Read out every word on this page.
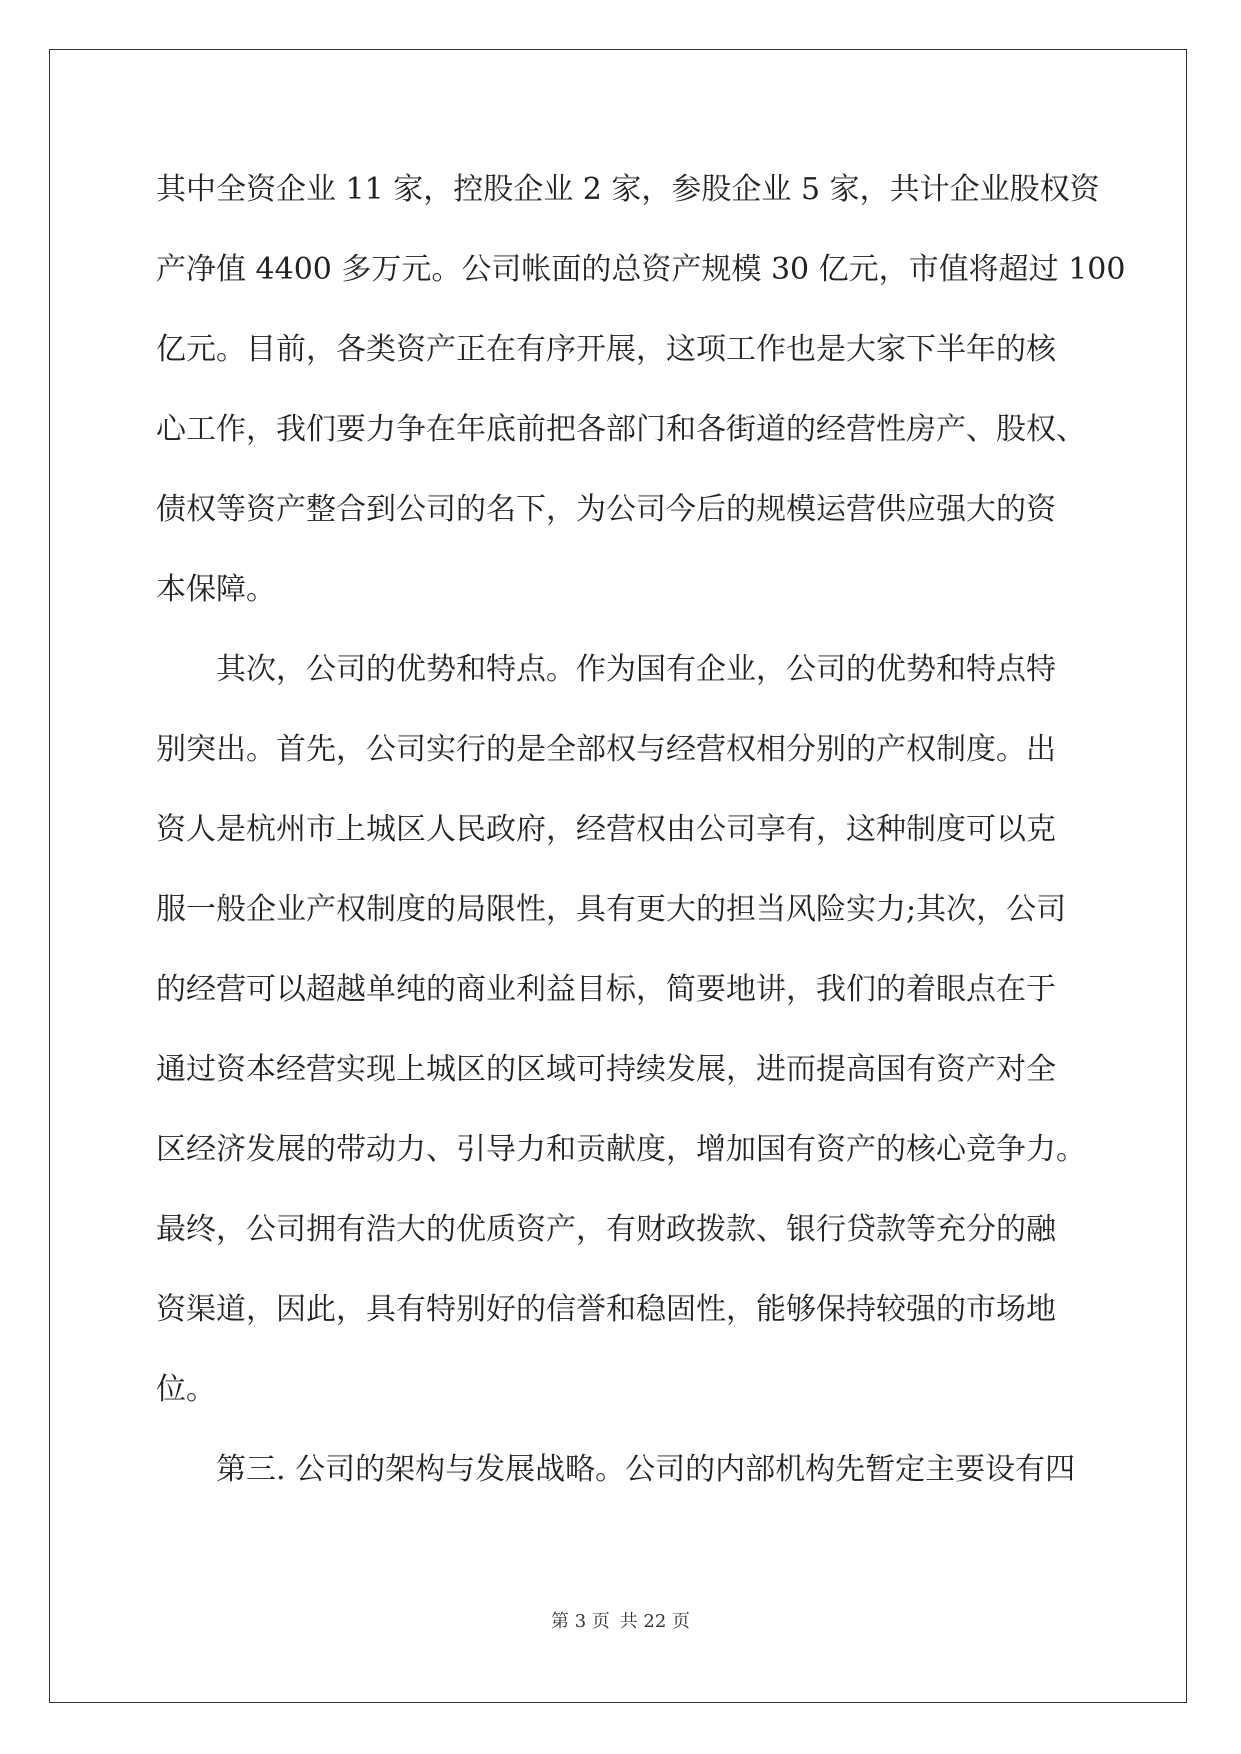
其中全资企业 11 家，控股企业 2 家，参股企业 5 家，共计企业股权资
产净值 4400 多万元。公司帐面的总资产规模 30 亿元，市值将超过 100
亿元。目前，各类资产正在有序开展，这项工作也是大家下半年的核
心工作，我们要力争在年底前把各部门和各街道的经营性房产、股权、
债权等资产整合到公司的名下，为公司今后的规模运营供应强大的资
本保障。
其次，公司的优势和特点。作为国有企业，公司的优势和特点特
别突出。首先，公司实行的是全部权与经营权相分别的产权制度。出
资人是杭州市上城区人民政府，经营权由公司享有，这种制度可以克
服一般企业产权制度的局限性，具有更大的担当风险实力;其次，公司
的经营可以超越单纯的商业利益目标，简要地讲，我们的着眼点在于
通过资本经营实现上城区的区域可持续发展，进而提高国有资产对全
区经济发展的带动力、引导力和贡献度，增加国有资产的核心竞争力。
最终，公司拥有浩大的优质资产，有财政拨款、银行贷款等充分的融
资渠道，因此，具有特别好的信誉和稳固性，能够保持较强的市场地
位。
第三. 公司的架构与发展战略。公司的内部机构先暂定主要设有四
第 3 页 共 22 页
